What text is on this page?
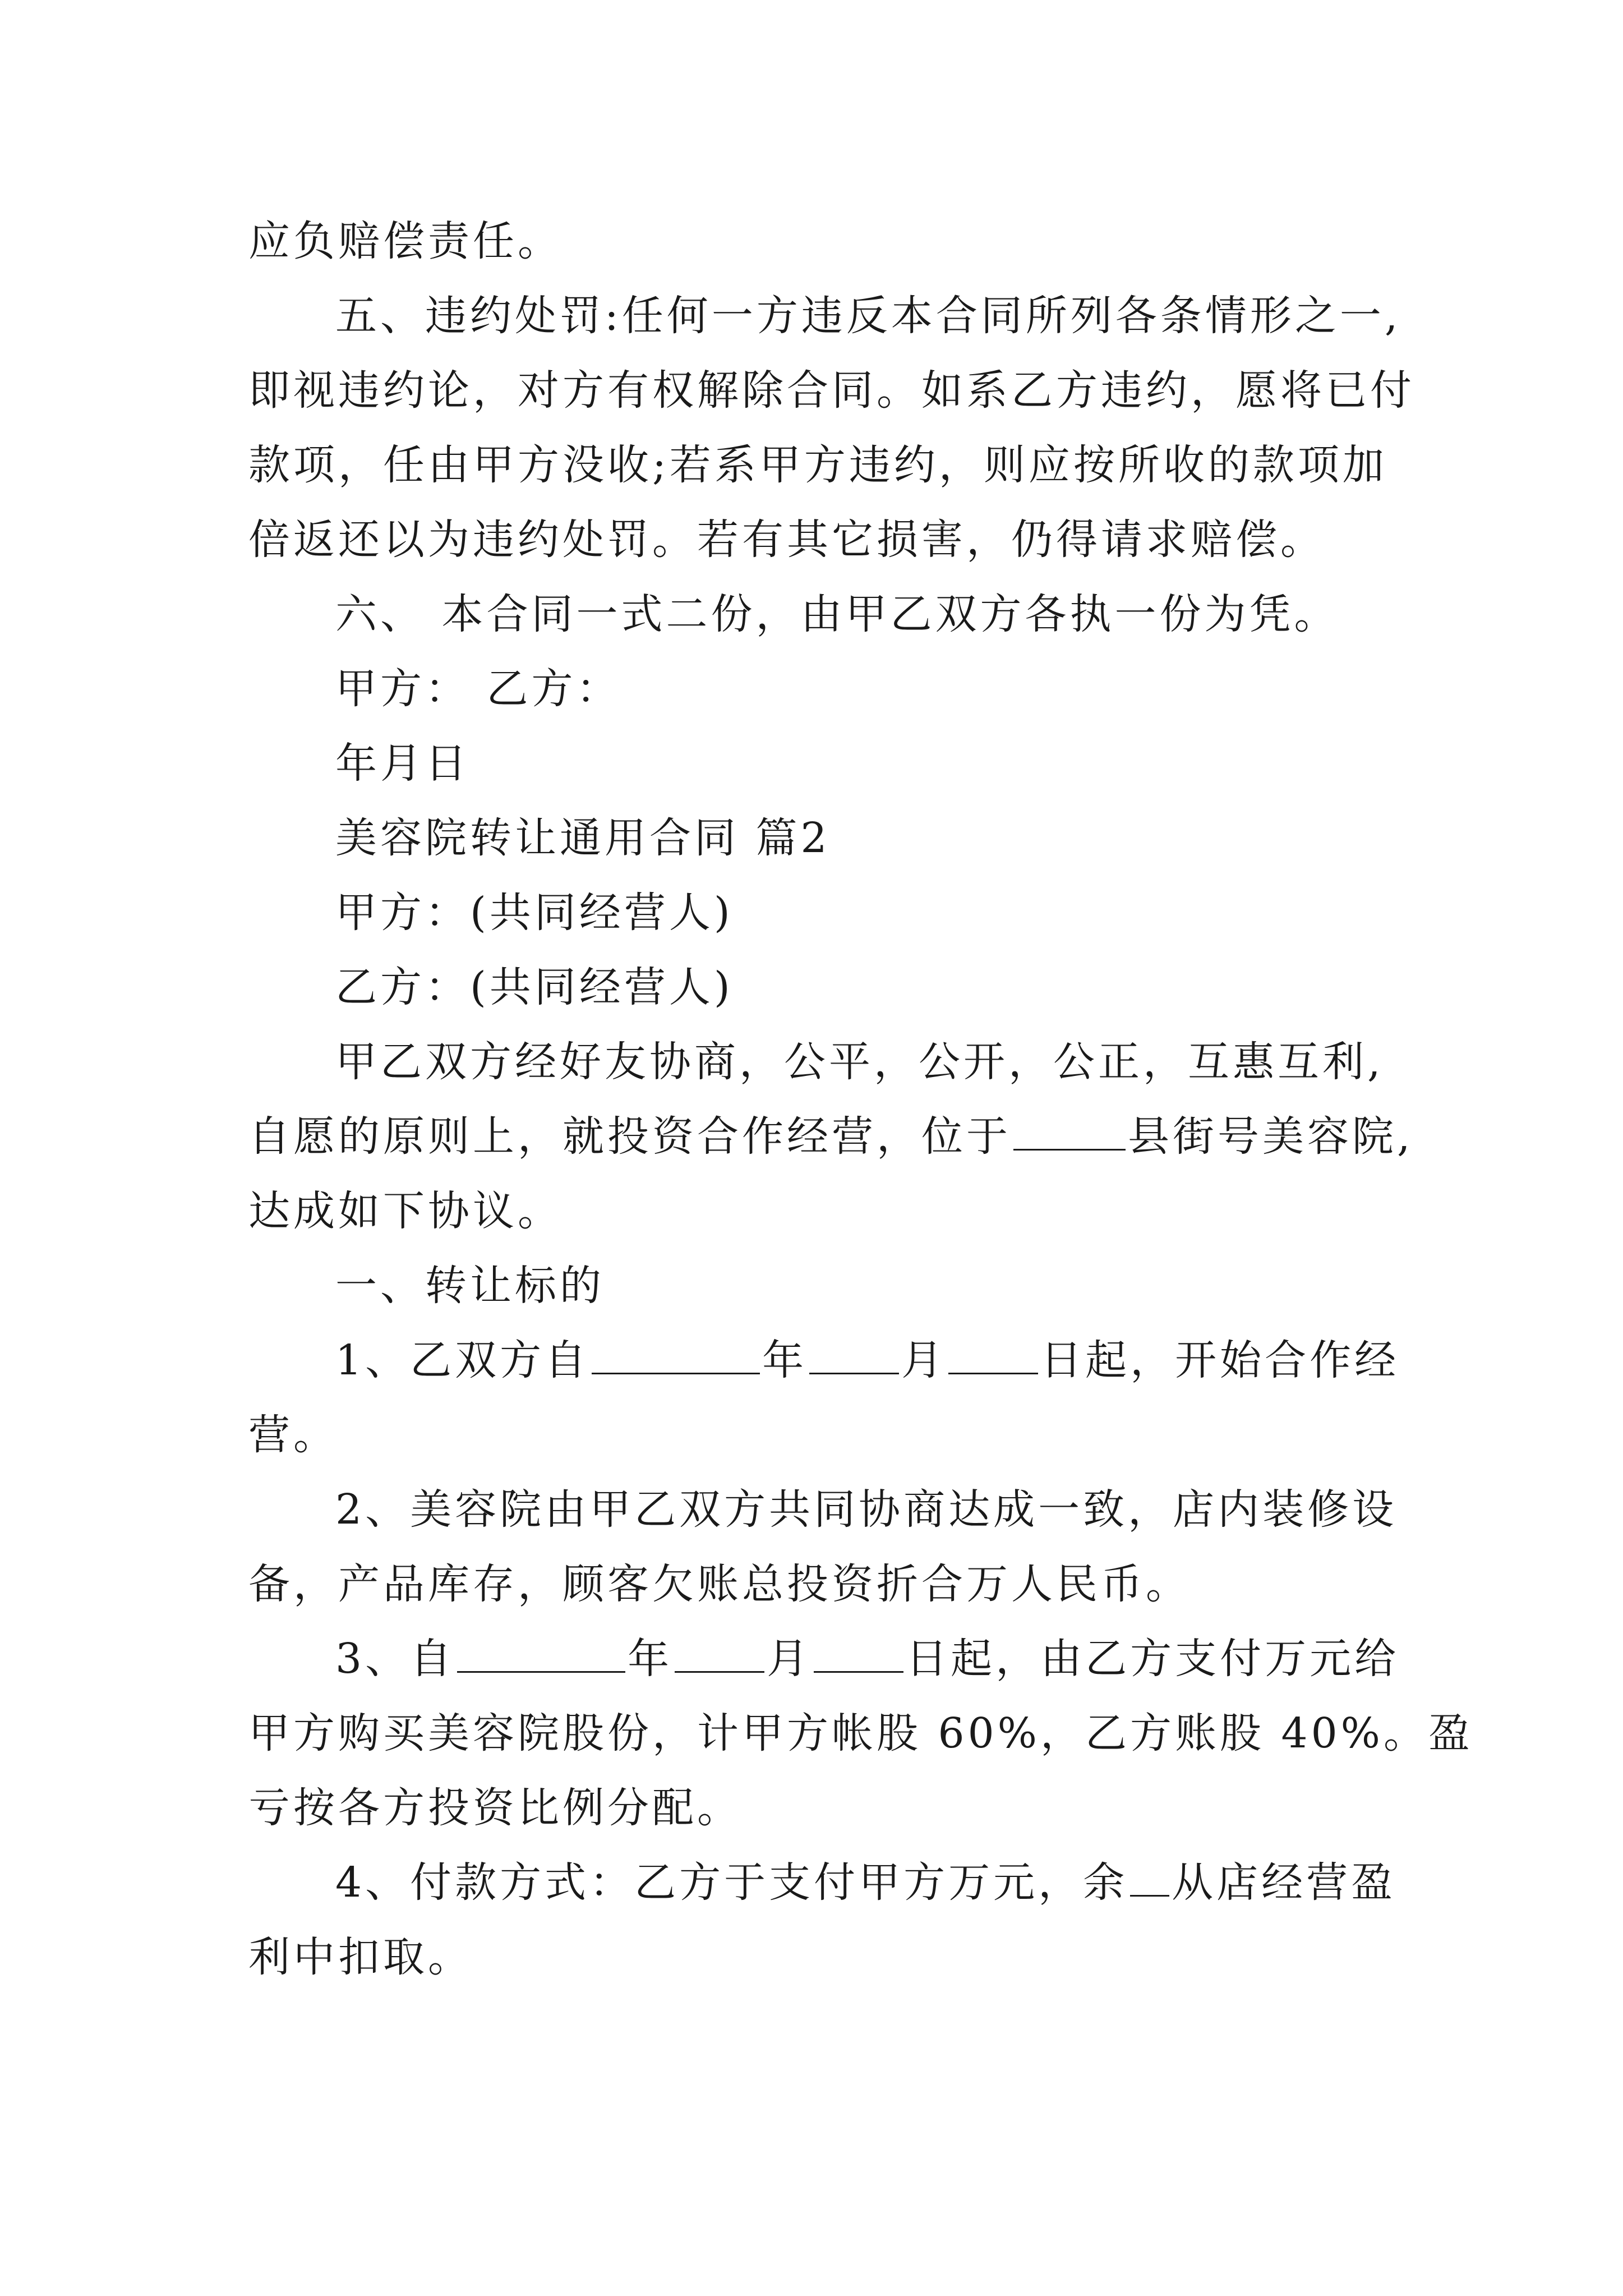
应负赔偿责任。
五、违约处罚:任何一方违反本合同所列各条情形之一,
即视违约论，对方有权解除合同。如系乙方违约，愿将已付
款项，任由甲方没收;若系甲方违约，则应按所收的款项加
倍返还以为违约处罚。若有其它损害，仍得请求赔偿。
六、 本合同一式二份，由甲乙双方各执一份为凭。
甲方： 乙方：
年月日
美容院转让通用合同 篇2
甲方：(共同经营人)
乙方：(共同经营人)
甲乙双方经好友协商，公平，公开，公正，互惠互利,
自愿的原则上，就投资合作经营，位于	县街号美容院,
达成如下协议。
一、转让标的
1、乙双方自	年 月 日起，开始合作经
营。
2、美容院由甲乙双方共同协商达成一致，店内装修设
备，产品库存，顾客欠账总投资折合万人民币。
3、自	年 月 日起，由乙方支付万元给
甲方购买美容院股份，计甲方帐股 60%，乙方账股 40%。盈
亏按各方投资比例分配。
4、付款方式：乙方于支付甲方万元，余 从店经营盈
利中扣取。
